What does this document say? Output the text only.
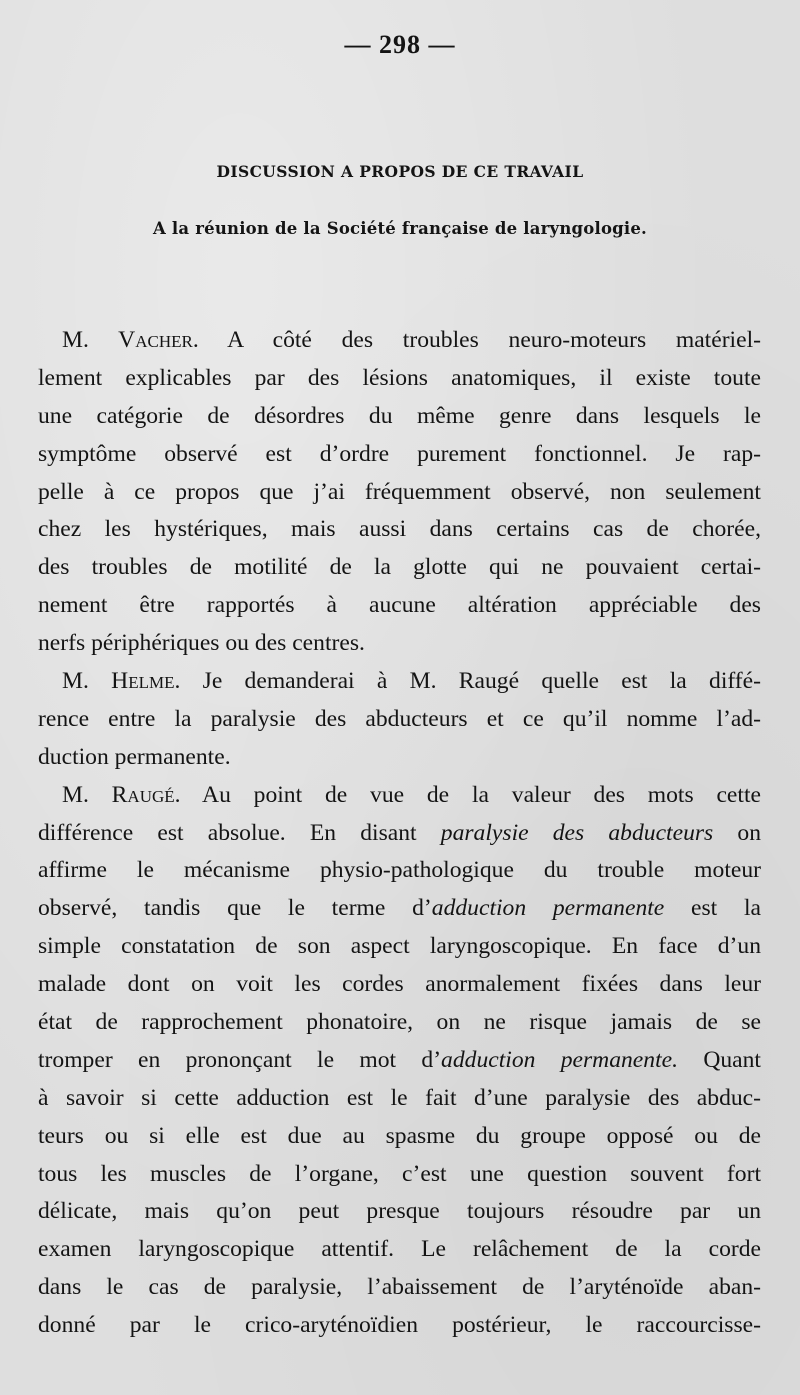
— 298 —
DISCUSSION A PROPOS DE CE TRAVAIL
A la réunion de la Société française de laryngologie.
M. Vacher. A côté des troubles neuro-moteurs matériel-
lement explicables par des lésions anatomiques, il existe toute
une catégorie de désordres du même genre dans lesquels le
symptôme observé est d’ordre purement fonctionnel. Je rap-
pelle à ce propos que j’ai fréquemment observé, non seulement
chez les hystériques, mais aussi dans certains cas de chorée,
des troubles de motilité de la glotte qui ne pouvaient certai-
nement être rapportés à aucune altération appréciable des
nerfs périphériques ou des centres.
M. Helme. Je demanderai à M. Raugé quelle est la diffé-
rence entre la paralysie des abducteurs et ce qu’il nomme l’ad-
duction permanente.
M. Raugé. Au point de vue de la valeur des mots cette
différence est absolue. En disant paralysie des abducteurs on
affirme le mécanisme physio-pathologique du trouble moteur
observé, tandis que le terme d’adduction permanente est la
simple constatation de son aspect laryngoscopique. En face d’un
malade dont on voit les cordes anormalement fixées dans leur
état de rapprochement phonatoire, on ne risque jamais de se
tromper en prononçant le mot d’adduction permanente. Quant
à savoir si cette adduction est le fait d’une paralysie des abduc-
teurs ou si elle est due au spasme du groupe opposé ou de
tous les muscles de l’organe, c’est une question souvent fort
délicate, mais qu’on peut presque toujours résoudre par un
examen laryngoscopique attentif. Le relâchement de la corde
dans le cas de paralysie, l’abaissement de l’aryténoïde aban-
donné par le crico-aryténoïdien postérieur, le raccourcisse-
